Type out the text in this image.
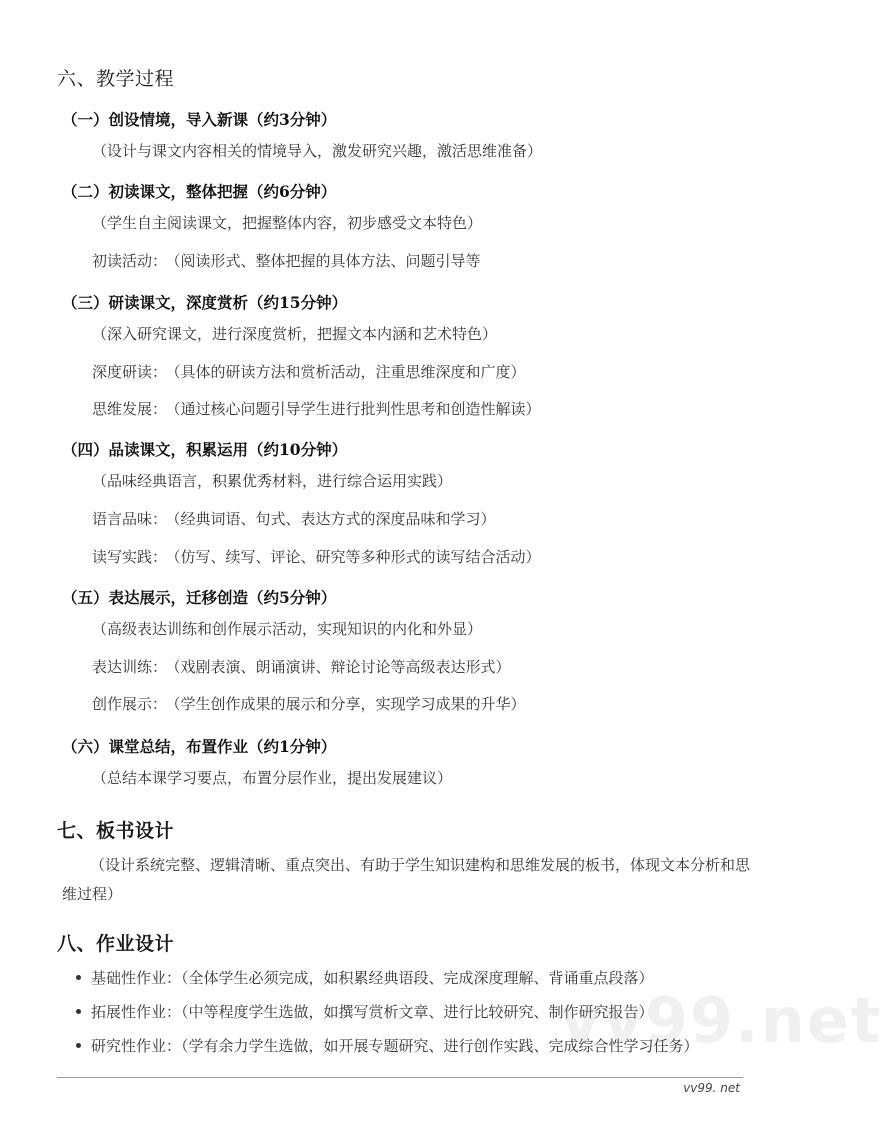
六、教学过程
（一）创设情境，导入新课（约3分钟）
（设计与课文内容相关的情境导入，激发研究兴趣，激活思维准备）
（二）初读课文，整体把握（约6分钟）
（学生自主阅读课文，把握整体内容，初步感受文本特色）
初读活动： （阅读形式、整体把握的具体方法、问题引导等
（三）研读课文，深度赏析（约15分钟）
（深入研究课文，进行深度赏析，把握文本内涵和艺术特色）
深度研读： （具体的研读方法和赏析活动，注重思维深度和广度）
思维发展： （通过核心问题引导学生进行批判性思考和创造性解读）
（四）品读课文，积累运用（约10分钟）
（品味经典语言，积累优秀材料，进行综合运用实践）
语言品味： （经典词语、句式、表达方式的深度品味和学习）
读写实践： （仿写、续写、评论、研究等多种形式的读写结合活动）
（五）表达展示，迁移创造（约5分钟）
（高级表达训练和创作展示活动，实现知识的内化和外显）
表达训练： （戏剧表演、朗诵演讲、辩论讨论等高级表达形式）
创作展示： （学生创作成果的展示和分享，实现学习成果的升华）
（六）课堂总结，布置作业（约1分钟）
（总结本课学习要点，布置分层作业，提出发展建议）
七、板书设计
（设计系统完整、逻辑清晰、重点突出、有助于学生知识建构和思维发展的板书，体现文本分析和思维过程）
八、作业设计
基础性作业：（全体学生必须完成，如积累经典语段、完成深度理解、背诵重点段落）
拓展性作业：（中等程度学生选做，如撰写赏析文章、进行比较研究、制作研究报告）
研究性作业：（学有余力学生选做，如开展专题研究、进行创作实践、完成综合性学习任务）
vv99.net
vv99. net
